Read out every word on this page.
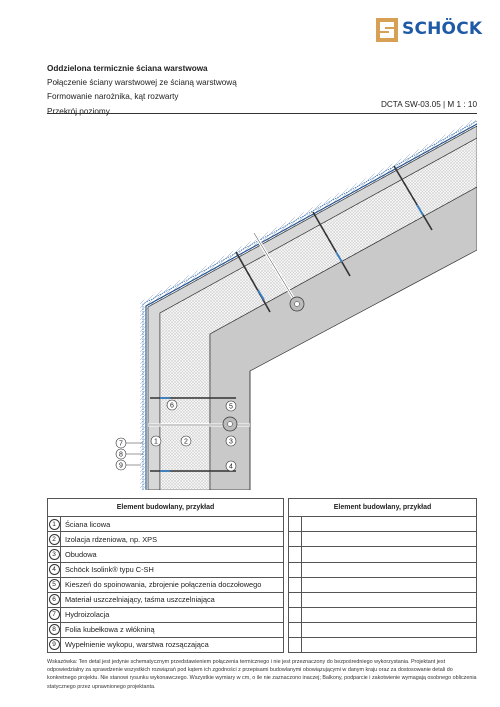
SCHÖCK
Oddzielona termicznie ściana warstwowa
Połączenie ściany warstwowej ze ścianą warstwową
Formowanie narożnika, kąt rozwarty
Przekrój poziomy
DCTA SW-03.05 | M 1 : 10
6	5
1	2	3
4
7
8
9
Element budowlany, przykład			Element budowlany, przykład	
1	Ściana licowa			
2	Izolacja rdzeniowa, np. XPS			
3	Obudowa			
4	Schöck Isolink® typu C-SH			
5	Kieszeń do spoinowania, zbrojenie połączenia doczołowego			
6	Materiał uszczelniający, taśma uszczelniająca			
7	Hydroizolacja			
8	Folia kubełkowa z włókniną			
9	Wypełnienie wykopu, warstwa rozsączająca			
Wskazówka: Ten detal jest jedynie schematycznym przedstawieniem połączenia termicznego i nie jest przeznaczony do bezpośredniego wykorzystania. Projektant jest odpowiedzialny za sprawdzenie wszystkich rozwiązań pod kątem ich zgodności z przepisami budowlanymi obowiązującymi w danym kraju oraz za dostosowanie detali do konkretnego projektu. Nie stanowi rysunku wykonawczego. Wszystkie wymiary w cm, o ile nie zaznaczono inaczej; Balkony, podparcie i zakotwienie wymagają osobnego obliczenia statycznego przez uprawnionego projektanta.
